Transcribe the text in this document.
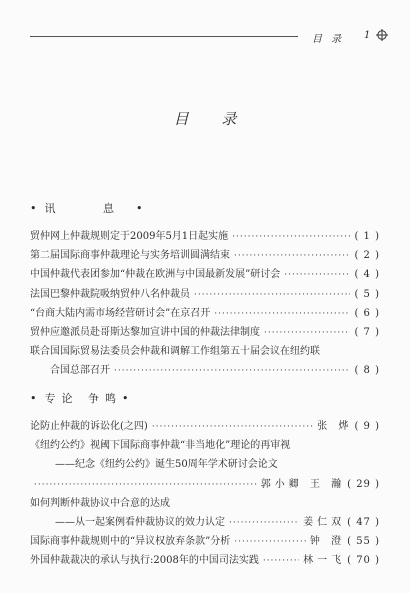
目 录 1
目 录
• 讯 息•
贸仲网上仲裁规则定于2009年5月1日起实施 ·····	( 1 )
第二届国际商事仲裁理论与实务培训圆满结束 ·····	( 2 )
中国仲裁代表团参加“仲裁在欧洲与中国最新发展”研讨会 ·····	( 4 )
法国巴黎仲裁院吸纳贸仲八名仲裁员 ·····	( 5 )
“台商大陆内需市场经营研讨会”在京召开 ·····	( 6 )
贸仲应邀派员赴哥斯达黎加宣讲中国的仲裁法律制度 ·····	( 7 )
联合国国际贸易法委员会仲裁和调解工作组第五十届会议在纽约联
合国总部召开 ·····	( 8 )
• 专论 争鸣•
论防止仲裁的诉讼化(之四) ·····	张 烨 ( 9 )
《纽约公约》视阈下国际商事仲裁“非当地化”理论的再审视
——纪念《纽约公约》诞生50周年学术研讨会论文
·····
郭小卿 王 瀚 ( 29 )
如何判断仲裁协议中合意的达成
——从一起案例看仲裁协议的效力认定 ·····	姜仁双 ( 47 )
国际商事仲裁规则中的“异议权放弃条款”分析 ·····	钟 澄 ( 55 )
外国仲裁裁决的承认与执行:2008年的中国司法实践 ·····	林一飞 ( 70 )
